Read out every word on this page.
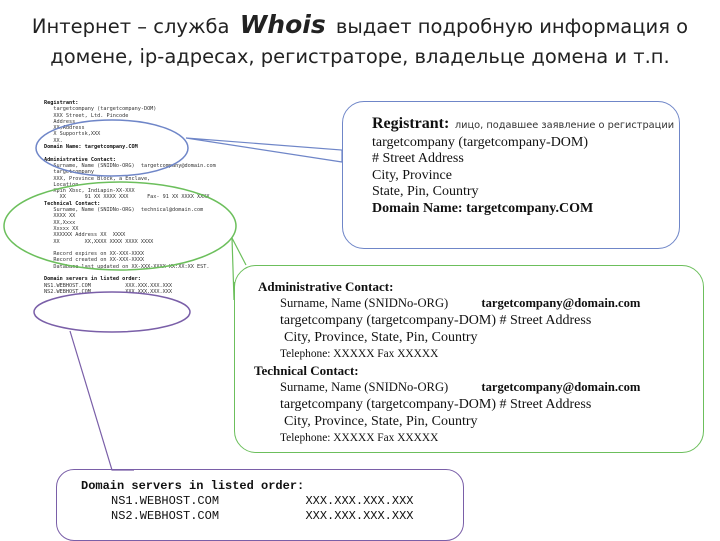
Интернет – служба Whois выдает подробную информация о
домене, ip-адресах, регистраторе, владельце домена и т.п.
Registrant:
targetcompany (targetcompany-DOM)
XXX Street, Ltd. Pincode
Address
XX,Address
X Supportsk,XXX
XX.
Domain Name: targetcompany.COM

Administrative Contact:
Surname, Name (SNIDNo-ORG)  targetcompany@domain.com
targetcompany
XXX, Province Block, a Enclave,
Location
Xpin Xbsc, Indiapin-XX-XXX
XX      91 XX XXXX XXX      Fax- 91 XX XXXX XXXX
Technical Contact:
Surname, Name (SNIDNo-ORG)  technical@domain.com
XXXX XX
XX,Xxxx
Xxxxx XX
XXXXXX Address XX  XXXX
XX        XX,XXXX XXXX XXXX XXXX

Record expires on XX-XXX-XXXX
Record created on XX-XXX-XXXX
Database last updated on XX-XXX-XXXX XX:XX:XX EST.

Domain servers in listed order:
NS1.WEBHOST.COM           XXX.XXX.XXX.XXX
NS2.WEBHOST.COM           XXX.XXX.XXX.XXX
Registrant: лицо, подавшее заявление о регистрации
targetcompany (targetcompany-DOM)
# Street Address
City, Province
State, Pin, Country
Domain Name: targetcompany.COM
Administrative Contact:
Surname, Name (SNIDNo-ORG)	targetcompany@domain.com
targetcompany (targetcompany-DOM) # Street Address
City, Province, State, Pin, Country
Telephone: XXXXX Fax XXXXX
Technical Contact:
Surname, Name (SNIDNo-ORG)	targetcompany@domain.com
targetcompany (targetcompany-DOM) # Street Address
City, Province, State, Pin, Country
Telephone: XXXXX Fax XXXXX
Domain servers in listed order:
NS1.WEBHOST.COM	XXX.XXX.XXX.XXX
NS2.WEBHOST.COM	XXX.XXX.XXX.XXX
